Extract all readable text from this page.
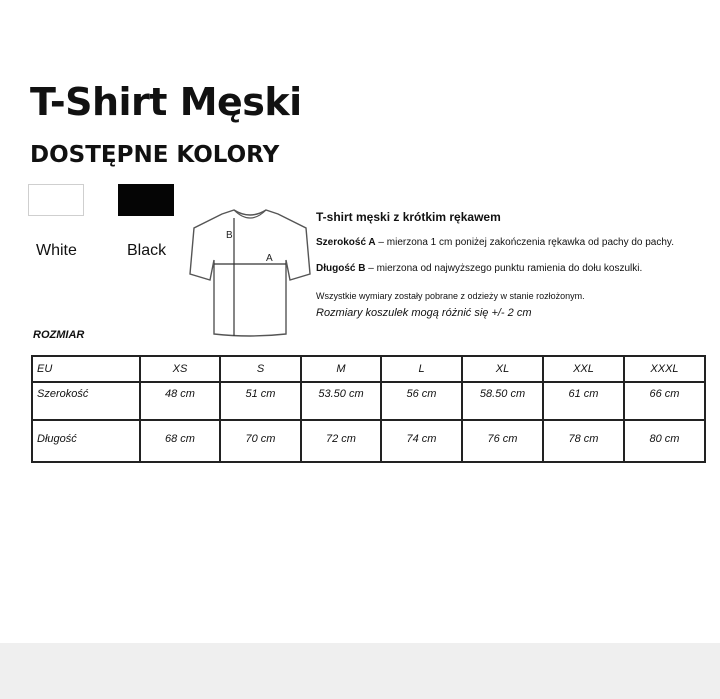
T-Shirt Męski
DOSTĘPNE KOLORY
White	Black
B
A
T-shirt męski z krótkim rękawem
Szerokość A – mierzona 1 cm poniżej zakończenia rękawka od pachy do pachy.
Długość B – mierzona od najwyższego punktu ramienia do dołu koszulki.
Wszystkie wymiary zostały pobrane z odzieży w stanie rozłożonym.
Rozmiary koszulek mogą różnić się +/- 2 cm
ROZMIAR
EU	XS	S	M	L	XL	XXL	XXXL

Szerokość	48 cm	51 cm	53.50 cm	56 cm	58.50 cm	61 cm	66 cm

Długość	68 cm	70 cm	72 cm	74 cm	76 cm	78 cm	80 cm
